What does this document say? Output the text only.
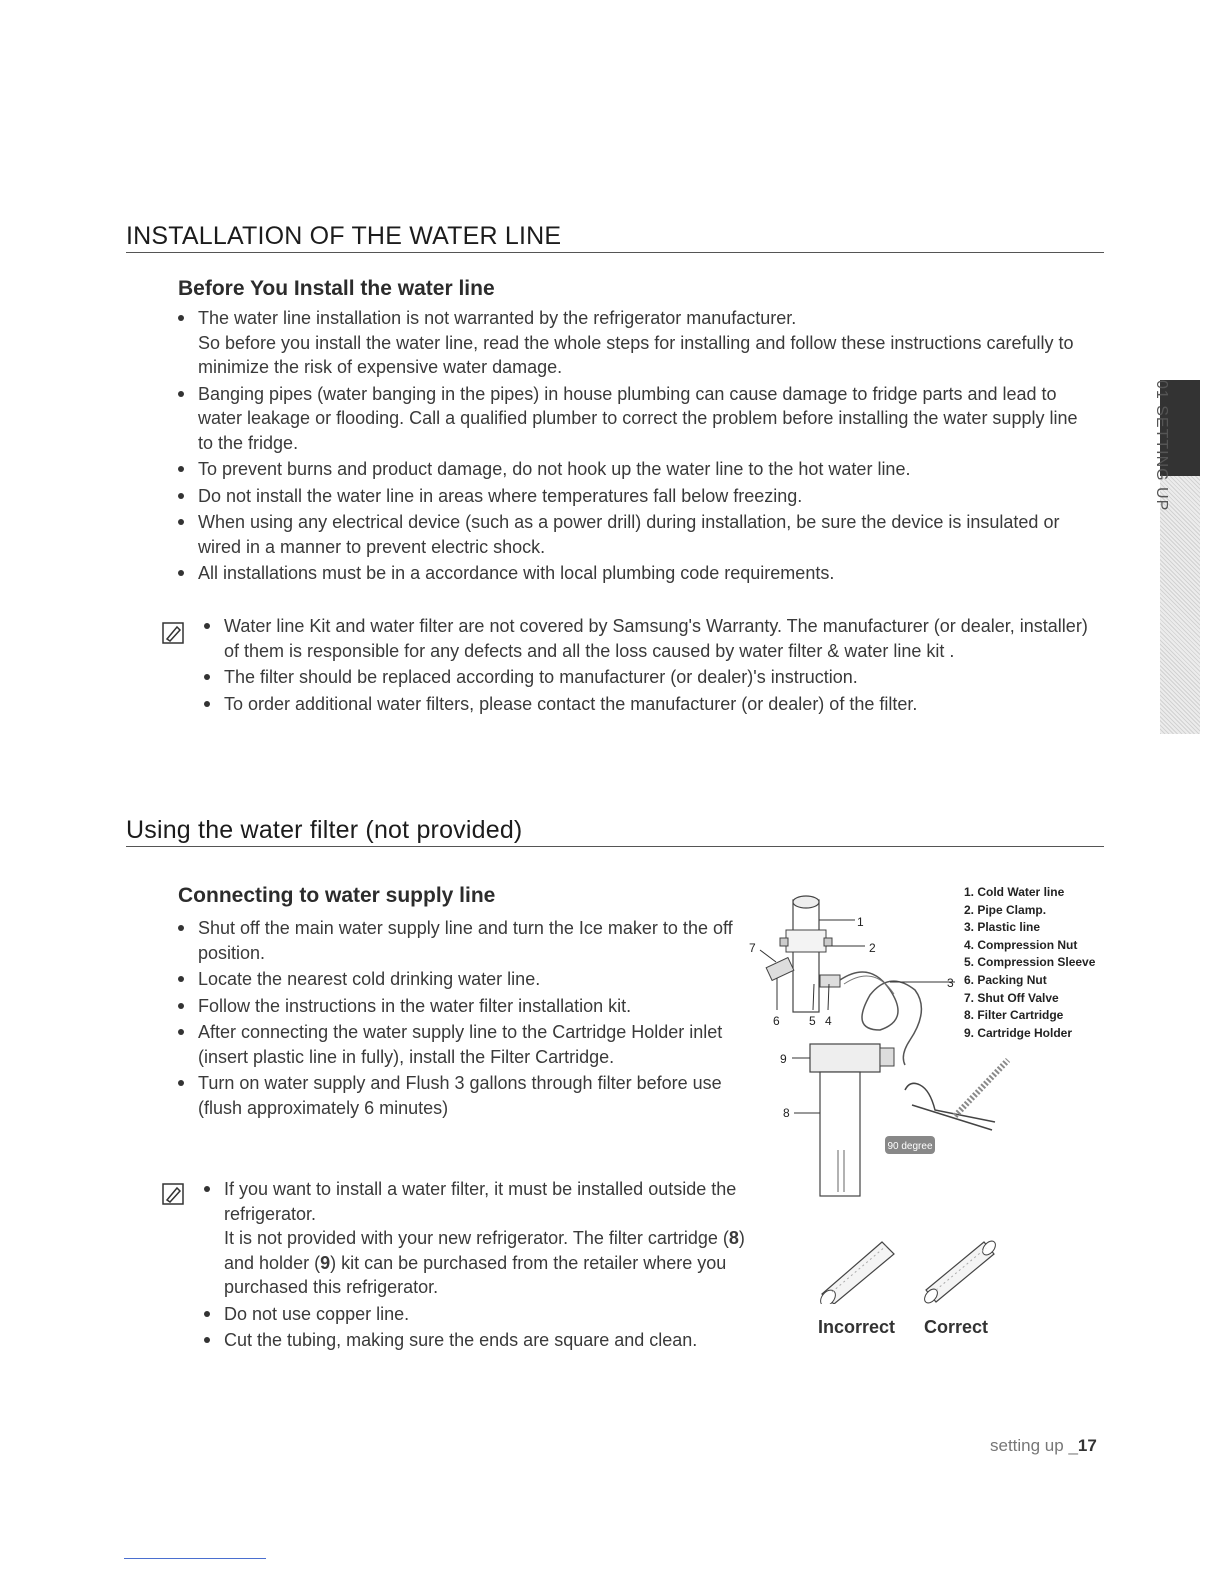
INSTALLATION OF THE WATER LINE
Before You Install the water line
The water line installation is not warranted by the refrigerator manufacturer.
So before you install the water line, read the whole steps for installing and follow these instructions carefully to minimize the risk of expensive water damage.
Banging pipes (water banging in the pipes) in house plumbing can cause damage to fridge parts and lead to water leakage or flooding. Call a qualified plumber to correct the problem before installing the water supply line to the fridge.
To prevent burns and product damage, do not hook up the water line to the hot water line.
Do not install the water line in areas where temperatures fall below freezing.
When using any electrical device (such as a power drill) during installation, be sure the device is insulated or wired in a manner to prevent electric shock.
All installations must be in a accordance with local plumbing code requirements.
Water line Kit and water filter are not covered by Samsung's Warranty. The manufacturer (or dealer, installer) of them is responsible for any defects and all the loss caused by water filter & water line kit .
The filter should be replaced according to manufacturer (or dealer)'s instruction.
To order additional water filters, please contact the manufacturer (or dealer) of the filter.
Using the water filter (not provided)
Connecting to water supply line
Shut off the main water supply line and turn the Ice maker to the off position.
Locate the nearest cold drinking water line.
Follow the instructions in the water filter installation kit.
After connecting the water supply line to the Cartridge Holder inlet (insert plastic line in fully), install the Filter Cartridge.
Turn on water supply and Flush 3 gallons through filter before use (flush approximately 6 minutes)
If you want to install a water filter, it must be installed outside the refrigerator.
It is not provided with your new refrigerator. The filter cartridge (8) and holder (9) kit can be purchased from the retailer where you purchased this refrigerator.
Do not use copper line.
Cut the tubing, making sure the ends are square and clean.
90 degree
1
2
3
4
5
6
7
8
9
1. Cold Water line
2. Pipe Clamp.
3. Plastic line
4. Compression Nut
5. Compression Sleeve
6. Packing Nut
7. Shut Off Valve
8. Filter Cartridge
9. Cartridge Holder
Incorrect Correct
01 SETTING UP
setting up _17
